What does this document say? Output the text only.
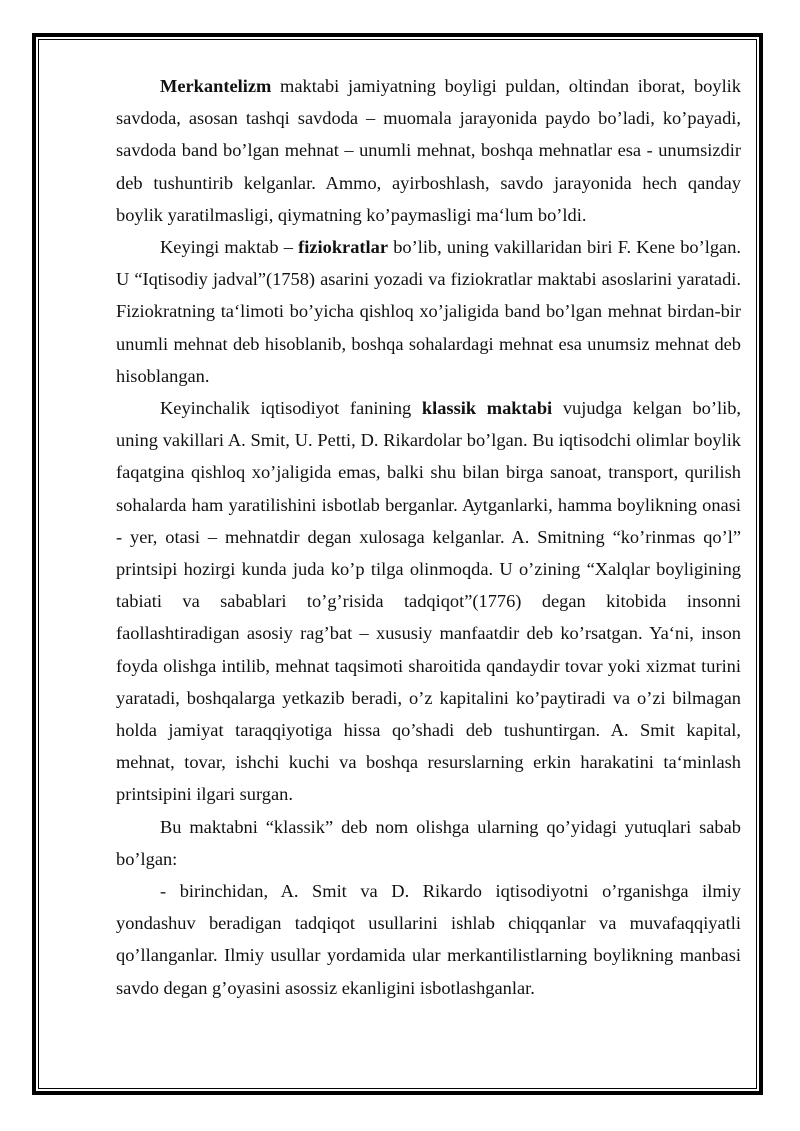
Merkantelizm maktabi jamiyatning boyligi puldan, oltindan iborat, boylik savdoda, asosan tashqi savdoda – muomala jarayonida paydo bo’ladi, ko’payadi, savdoda band bo’lgan mehnat – unumli mehnat, boshqa mehnatlar esa - unumsizdir deb tushuntirib kelganlar. Ammo, ayirboshlash, savdo jarayonida hech qanday boylik yaratilmasligi, qiymatning ko’paymasligi ma‘lum bo’ldi.

Keyingi maktab – fiziokratlar bo’lib, uning vakillaridan biri F. Kene bo’lgan. U “Iqtisodiy jadval”(1758) asarini yozadi va fiziokratlar maktabi asoslarini yaratadi. Fiziokratning ta‘limoti bo’yicha qishloq xo’jaligida band bo’lgan mehnat birdan-bir unumli mehnat deb hisoblanib, boshqa sohalardagi mehnat esa unumsiz mehnat deb hisoblangan.

Keyinchalik iqtisodiyot fanining klassik maktabi vujudga kelgan bo’lib, uning vakillari A. Smit, U. Petti, D. Rikardolar bo’lgan. Bu iqtisodchi olimlar boylik faqatgina qishloq xo’jaligida emas, balki shu bilan birga sanoat, transport, qurilish sohalarda ham yaratilishini isbotlab berganlar. Aytganlarki, hamma boylikning onasi - yer, otasi – mehnatdir degan xulosaga kelganlar. A. Smitning “ko’rinmas qo’l” printsipi hozirgi kunda juda ko’p tilga olinmoqda. U o’zining “Xalqlar boyligining tabiati va sabablari to’g’risida tadqiqot”(1776) degan kitobida insonni faollashtiradigan asosiy rag’bat – xususiy manfaatdir deb ko’rsatgan. Ya‘ni, inson foyda olishga intilib, mehnat taqsimoti sharoitida qandaydir tovar yoki xizmat turini yaratadi, boshqalarga yetkazib beradi, o’z kapitalini ko’paytiradi va o’zi bilmagan holda jamiyat taraqqiyotiga hissa qo’shadi deb tushuntirgan. A. Smit kapital, mehnat, tovar, ishchi kuchi va boshqa resurslarning erkin harakatini ta‘minlash printsipini ilgari surgan.

Bu maktabni “klassik” deb nom olishga ularning qo’yidagi yutuqlari sabab bo’lgan:

- birinchidan, A. Smit va D. Rikardo iqtisodiyotni o’rganishga ilmiy yondashuv beradigan tadqiqot usullarini ishlab chiqqanlar va muvafaqqiyatli qo’llanganlar. Ilmiy usullar yordamida ular merkantilistlarning boylikning manbasi savdo degan g’oyasini asossiz ekanligini isbotlashganlar.
